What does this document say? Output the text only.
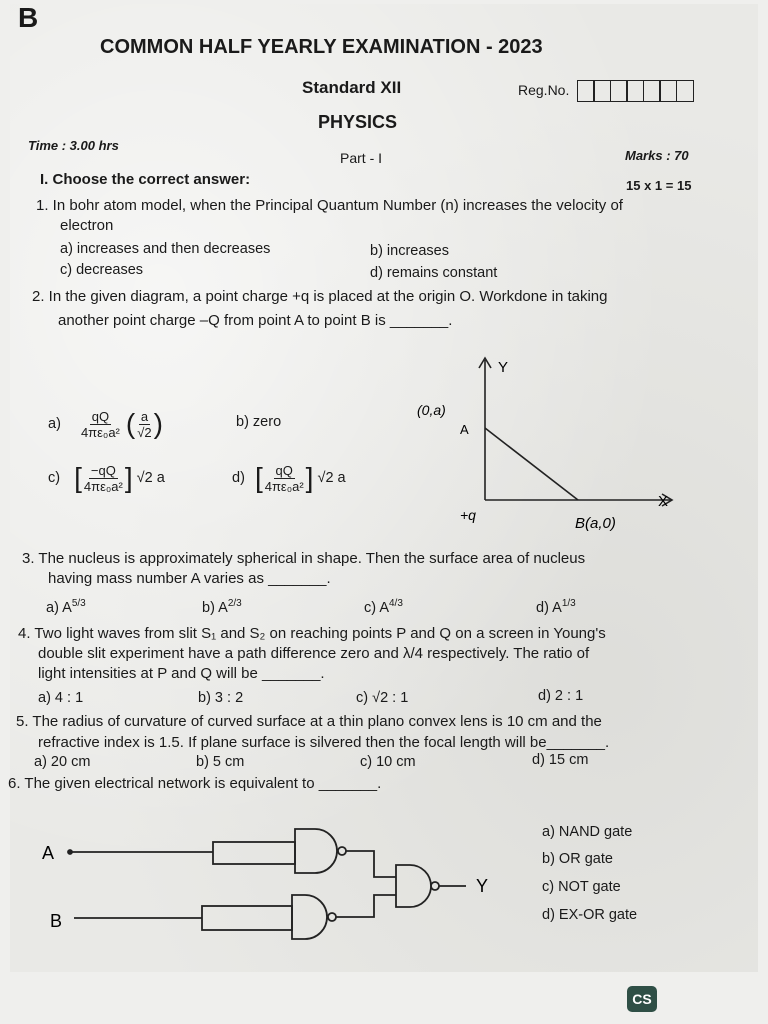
B
COMMON HALF YEARLY EXAMINATION - 2023
Standard XII	Reg.No.
PHYSICS
Time : 3.00 hrs
Part - I	Marks : 70
I. Choose the correct answer:	15 x 1 = 15
1. In bohr atom model, when the Principal Quantum Number (n) increases the velocity of
electron
a) increases and then decreases	b) increases
c) decreases	d) remains constant
2. In the given diagram, a point charge +q is placed at the origin O. Workdone in taking
another point charge –Q from point A to point B is _______.
$a) \frac{qQ}{\text{4πε₀a²}}$ ( $\frac{a}{√2}$ )	b) zero
c) [ $\frac{-qQ}{\text{4πε₀a²}}$ ] √2 a	d) [ $\frac{qQ}{\text{4πε₀a²}}$ ] √2 a
Y
X
(0,a)
A
+q	B(a,0)
3. The nucleus is approximately spherical in shape. Then the surface area of nucleus
having mass number A varies as _______.
a) $A^{5/3}$	b) $A^{2/3}$	c) $A^{4/3}$	d) $A^{1/3}$
4. Two light waves from slit S₁ and S₂ on reaching points P and Q on a screen in Young's
double slit experiment have a path difference zero and λ/4 respectively. The ratio of
light intensities at P and Q will be _______.
a) 4 : 1	b) 3 : 2	c) √2 : 1	d) 2 : 1
5. The radius of curvature of curved surface at a thin plano convex lens is 10 cm and the
refractive index is 1.5. If plane surface is silvered then the focal length will be_______.
a) 20 cm	b) 5 cm	c) 10 cm	d) 15 cm
6. The given electrical network is equivalent to _______.
A
B
Y
a) NAND gate
b) OR gate
c) NOT gate
d) EX-OR gate
CS
